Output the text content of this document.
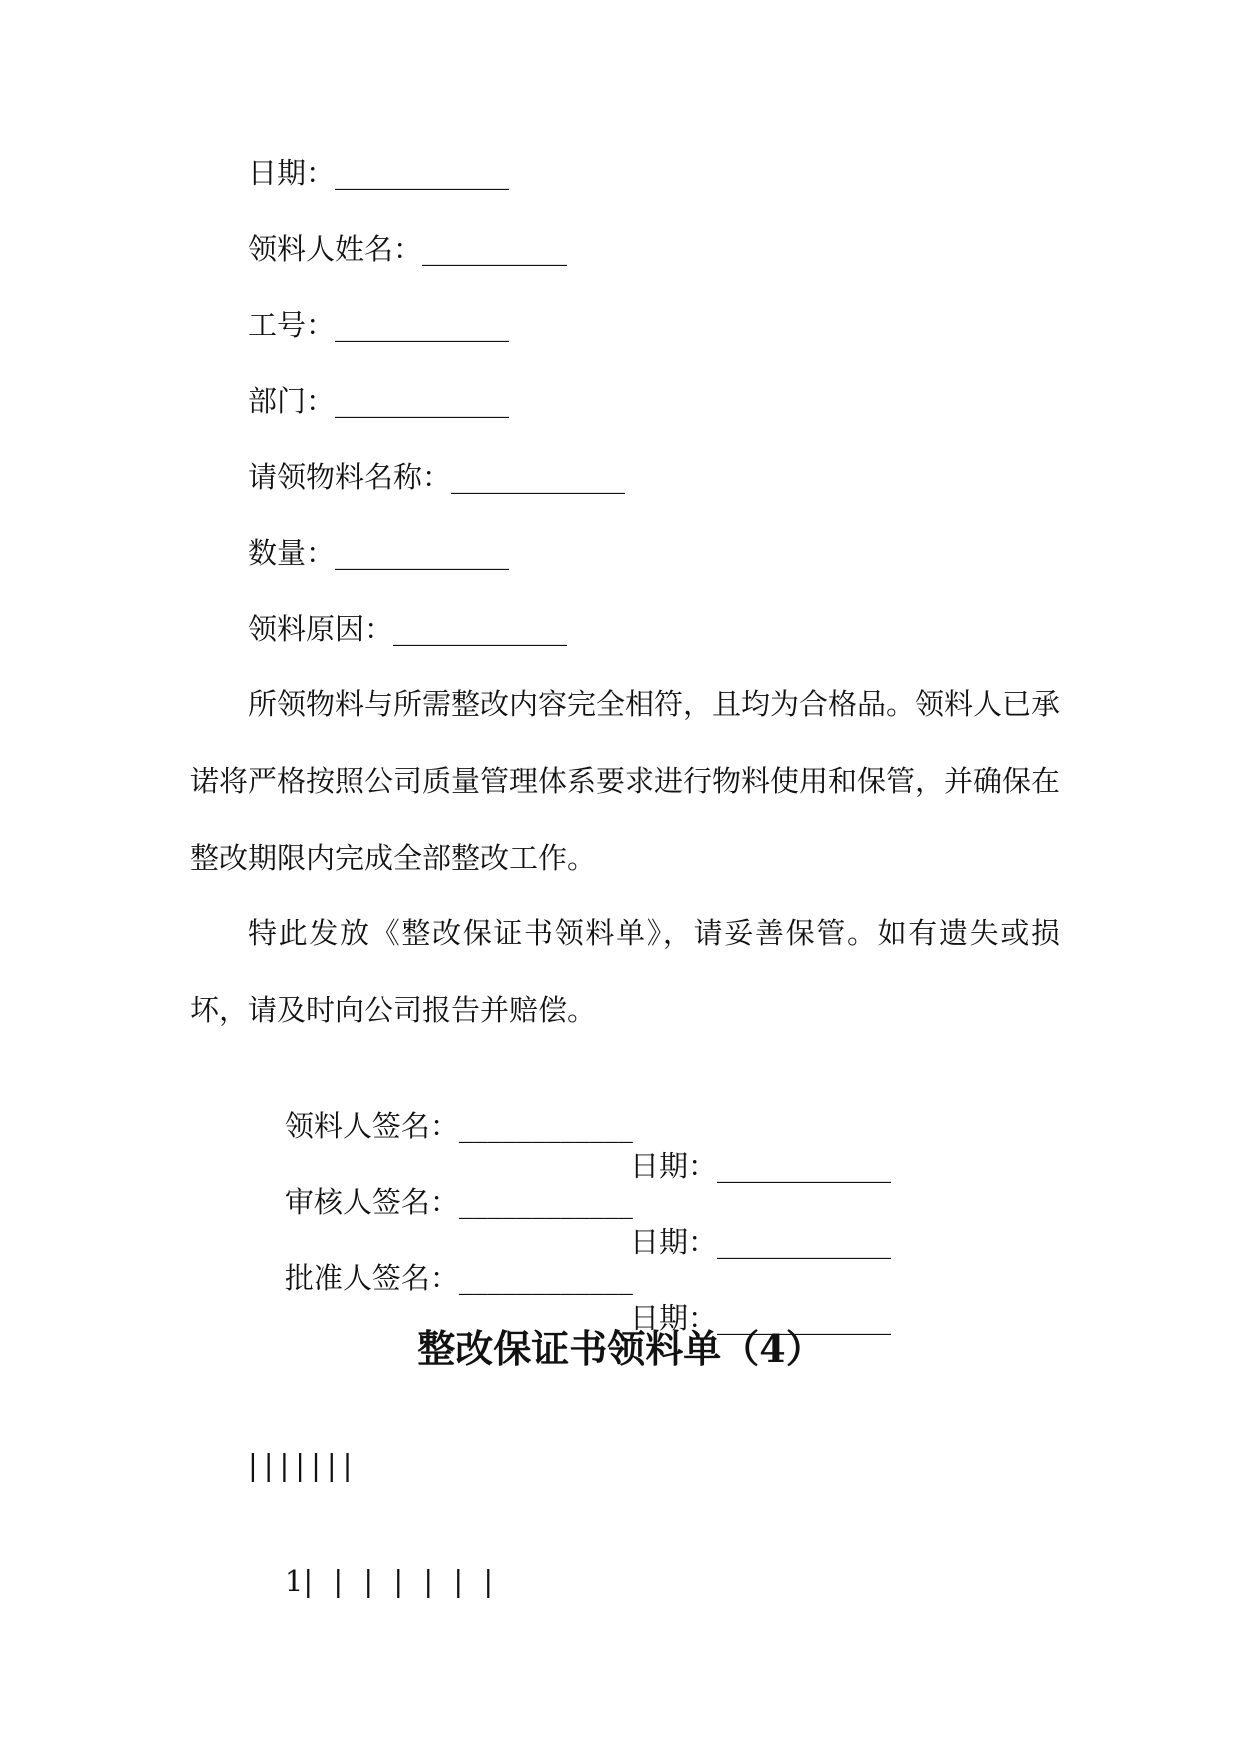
日期：____________
领料人姓名：__________
工号：____________
部门：____________
请领物料名称：____________
数量：____________
领料原因：____________
所领物料与所需整改内容完全相符，且均为合格品。领料人已承诺将严格按照公司质量管理体系要求进行物料使用和保管，并确保在整改期限内完成全部整改工作。
特此发放《整改保证书领料单》，请妥善保管。如有遗失或损坏，请及时向公司报告并赔偿。

领料人签名：____________

日期：____________

审核人签名：____________

日期：____________

批准人签名：____________

日期：____________

整改保证书领料单（4）
|||||||

1| | | | | | |
